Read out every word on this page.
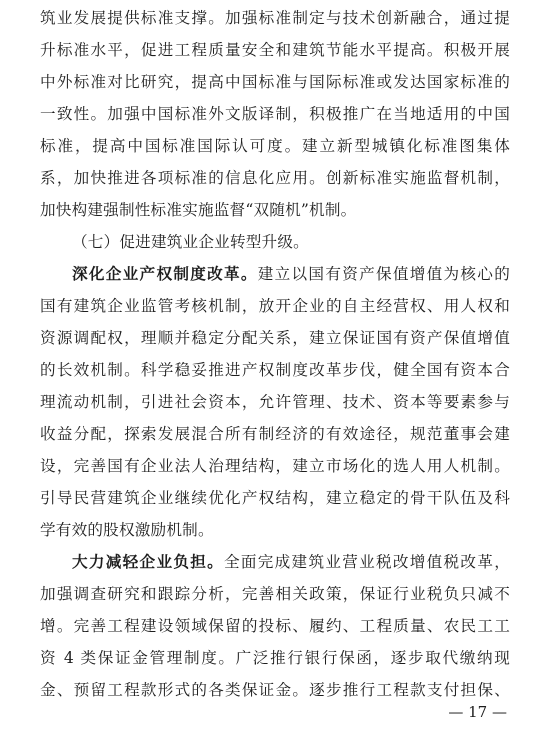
筑业发展提供标准支撑。加强标准制定与技术创新融合，通过提
升标准水平，促进工程质量安全和建筑节能水平提高。积极开展
中外标准对比研究，提高中国标准与国际标准或发达国家标准的
一致性。加强中国标准外文版译制，积极推广在当地适用的中国
标准，提高中国标准国际认可度。建立新型城镇化标准图集体
系，加快推进各项标准的信息化应用。创新标准实施监督机制，
加快构建强制性标准实施监督“双随机”机制。
（七）促进建筑业企业转型升级。
深化企业产权制度改革。建立以国有资产保值增值为核心的
国有建筑企业监管考核机制，放开企业的自主经营权、用人权和
资源调配权，理顺并稳定分配关系，建立保证国有资产保值增值
的长效机制。科学稳妥推进产权制度改革步伐，健全国有资本合
理流动机制，引进社会资本，允许管理、技术、资本等要素参与
收益分配，探索发展混合所有制经济的有效途径，规范董事会建
设，完善国有企业法人治理结构，建立市场化的选人用人机制。
引导民营建筑企业继续优化产权结构，建立稳定的骨干队伍及科
学有效的股权激励机制。
大力减轻企业负担。全面完成建筑业营业税改增值税改革，
加强调查研究和跟踪分析，完善相关政策，保证行业税负只减不
增。完善工程建设领域保留的投标、履约、工程质量、农民工工
资 4 类保证金管理制度。广泛推行银行保函，逐步取代缴纳现
金、预留工程款形式的各类保证金。逐步推行工程款支付担保、
— 17 —
